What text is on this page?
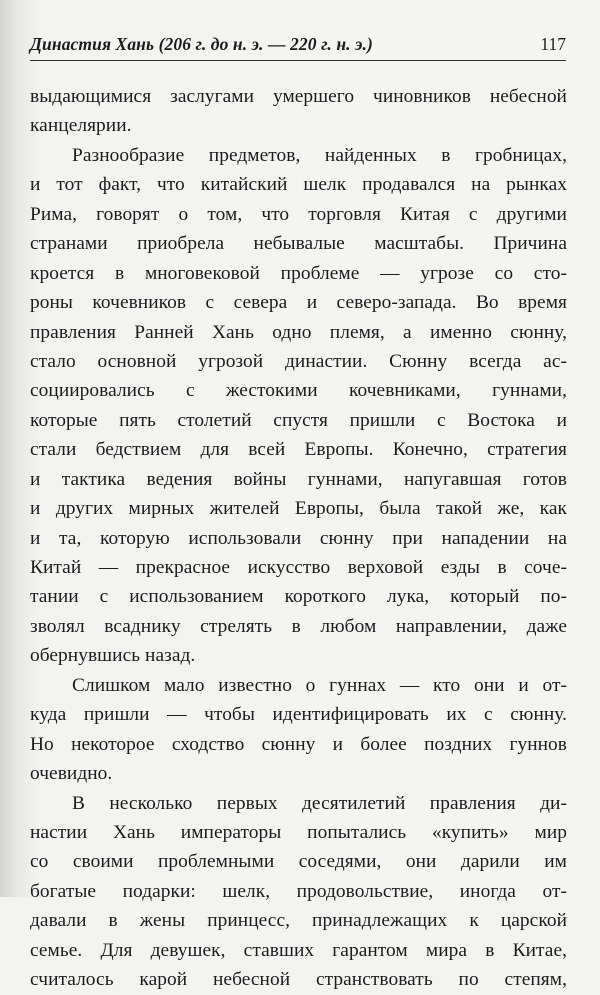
Династия Хань (206 г. до н. э. — 220 г. н. э.)	117
выдающимися заслугами умершего чиновников небесной
канцелярии.
Разнообразие предметов, найденных в гробницах,
и тот факт, что китайский шелк продавался на рынках
Рима, говорят о том, что торговля Китая с другими
странами приобрела небывалые масштабы. Причина
кроется в многовековой проблеме — угрозе со сто-
роны кочевников с севера и северо-запада. Во время
правления Ранней Хань одно племя, а именно сюнну,
стало основной угрозой династии. Сюнну всегда ас-
социировались с жестокими кочевниками, гуннами,
которые пять столетий спустя пришли с Востока и
стали бедствием для всей Европы. Конечно, стратегия
и тактика ведения войны гуннами, напугавшая готов
и других мирных жителей Европы, была такой же, как
и та, которую использовали сюнну при нападении на
Китай — прекрасное искусство верховой езды в соче-
тании с использованием короткого лука, который по-
зволял всаднику стрелять в любом направлении, даже
обернувшись назад.
Слишком мало известно о гуннах — кто они и от-
куда пришли — чтобы идентифицировать их с сюнну.
Но некоторое сходство сюнну и более поздних гуннов
очевидно.
В несколько первых десятилетий правления ди-
настии Хань императоры попытались «купить» мир
со своими проблемными соседями, они дарили им
богатые подарки: шелк, продовольствие, иногда от-
давали в жены принцесс, принадлежащих к царской
семье. Для девушек, ставших гарантом мира в Китае,
считалось карой небесной странствовать по степям,
